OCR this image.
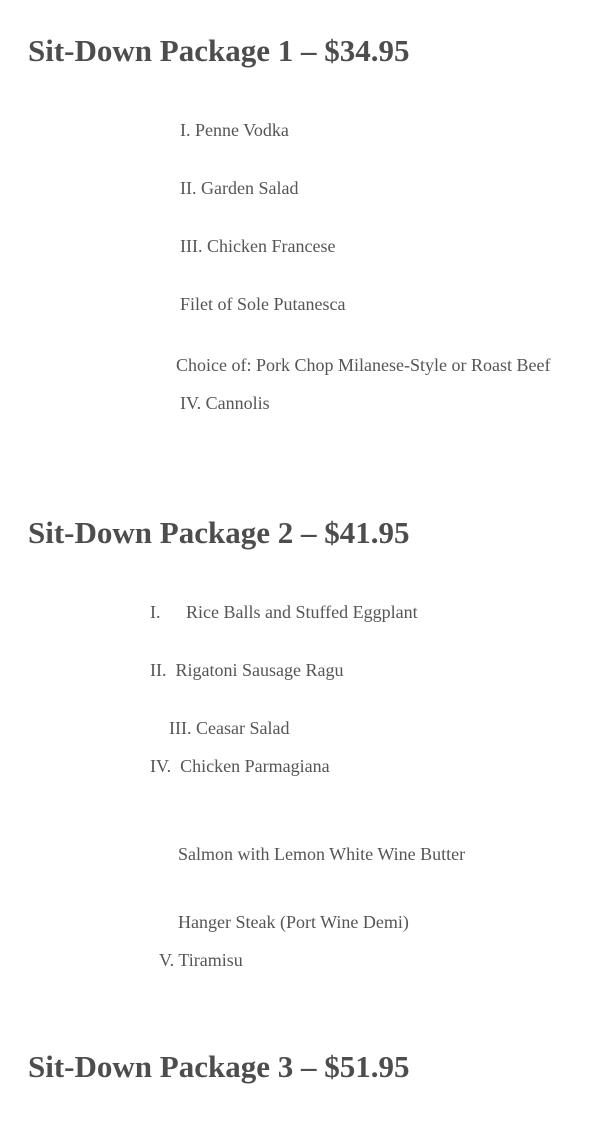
Sit-Down Package 1 – $34.95

I. Penne Vodka

II. Garden Salad

III. Chicken Francese

Filet of Sole Putanesca

Choice of: Pork Chop Milanese-Style or Roast Beef

IV. Cannolis

Sit-Down Package 2 – $41.95

I. Rice Balls and Stuffed Eggplant

II.  Rigatoni Sausage Ragu

III. Ceasar Salad

IV.  Chicken Parmagiana

Salmon with Lemon White Wine Butter

Hanger Steak (Port Wine Demi)

V. Tiramisu

Sit-Down Package 3 – $51.95
